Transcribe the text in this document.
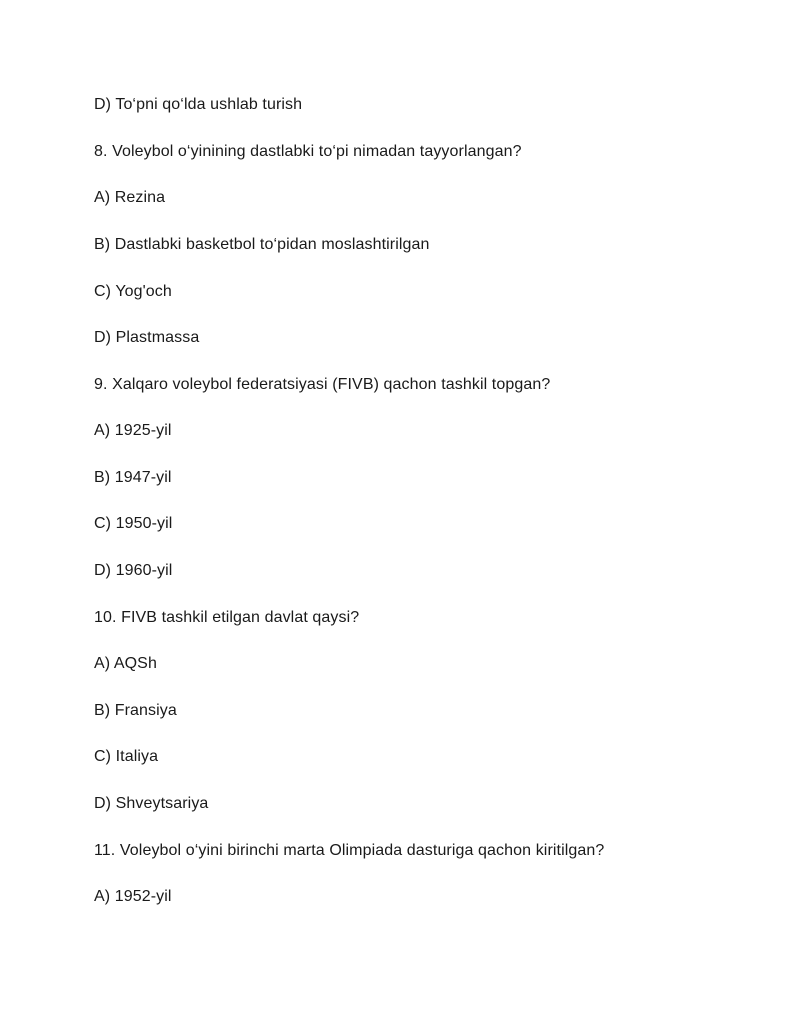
D) To‘pni qo‘lda ushlab turish
8. Voleybol o‘yinining dastlabki to‘pi nimadan tayyorlangan?
A) Rezina
B) Dastlabki basketbol to‘pidan moslashtirilgan
C) Yog'och
D) Plastmassa
9. Xalqaro voleybol federatsiyasi (FIVB) qachon tashkil topgan?
A) 1925-yil
B) 1947-yil
C) 1950-yil
D) 1960-yil
10. FIVB tashkil etilgan davlat qaysi?
A) AQSh
B) Fransiya
C) Italiya
D) Shveytsariya
11. Voleybol o‘yini birinchi marta Olimpiada dasturiga qachon kiritilgan?
A) 1952-yil
